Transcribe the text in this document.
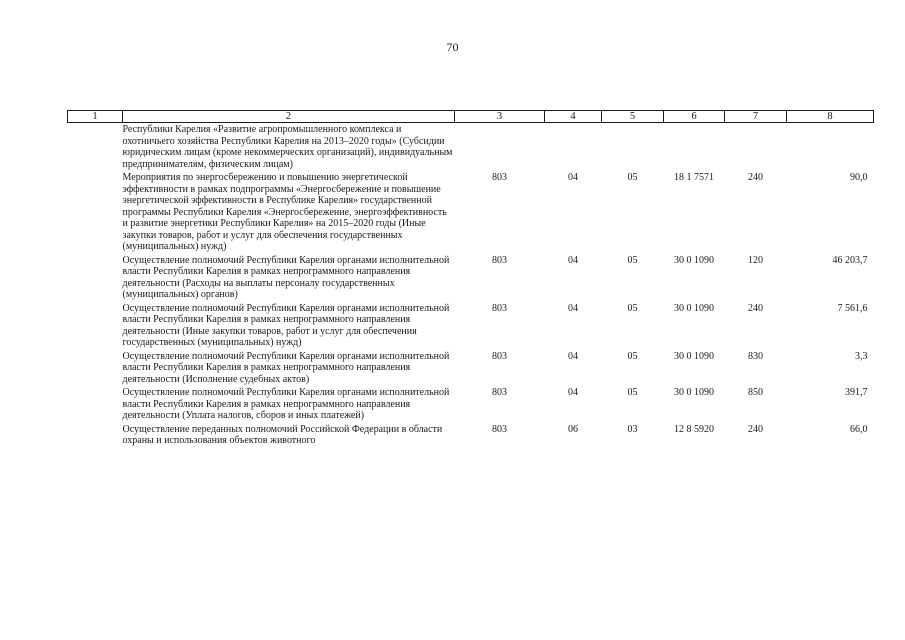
70
1	2	3	4	5	6	7	8
Республики Карелия «Развитие агропромышленного комплекса и охотничьего хозяйства Республики Карелия на 2013–2020 годы» (Субсидии юридическим лицам (кроме некоммерческих организаций), индивидуальным предпринимателям, физическим лицам)							
Мероприятия по энергосбережению и повышению энергетической эффективности в рамках подпрограммы «Энергосбережение и повышение энергетической эффективности в Республике Карелия» государственной программы Республики Карелия «Энергосбережение, энергоэффективность и развитие энергетики Республики Карелия» на 2015–2020 годы (Иные закупки товаров, работ и услуг для обеспечения государственных (муниципальных) нужд)		803	04	05	18 1 7571	240	90,0
Осуществление полномочий Республики Карелия органами исполнительной власти Республики Карелия в рамках непрограммного направления деятельности (Расходы на выплаты персоналу государственных (муниципальных) органов)		803	04	05	30 0 1090	120	46 203,7
Осуществление полномочий Республики Карелия органами исполнительной власти Республики Карелия в рамках непрограммного направления деятельности (Иные закупки товаров, работ и услуг для обеспечения государственных (муниципальных) нужд)		803	04	05	30 0 1090	240	7 561,6
Осуществление полномочий Республики Карелия органами исполнительной власти Республики Карелия в рамках непрограммного направления деятельности (Исполнение судебных актов)		803	04	05	30 0 1090	830	3,3
Осуществление полномочий Республики Карелия органами исполнительной власти Республики Карелия в рамках непрограммного направления деятельности (Уплата налогов, сборов и иных платежей)		803	04	05	30 0 1090	850	391,7
Осуществление переданных полномочий Российской Федерации в области охраны и использования объектов животного		803	06	03	12 8 5920	240	66,0
